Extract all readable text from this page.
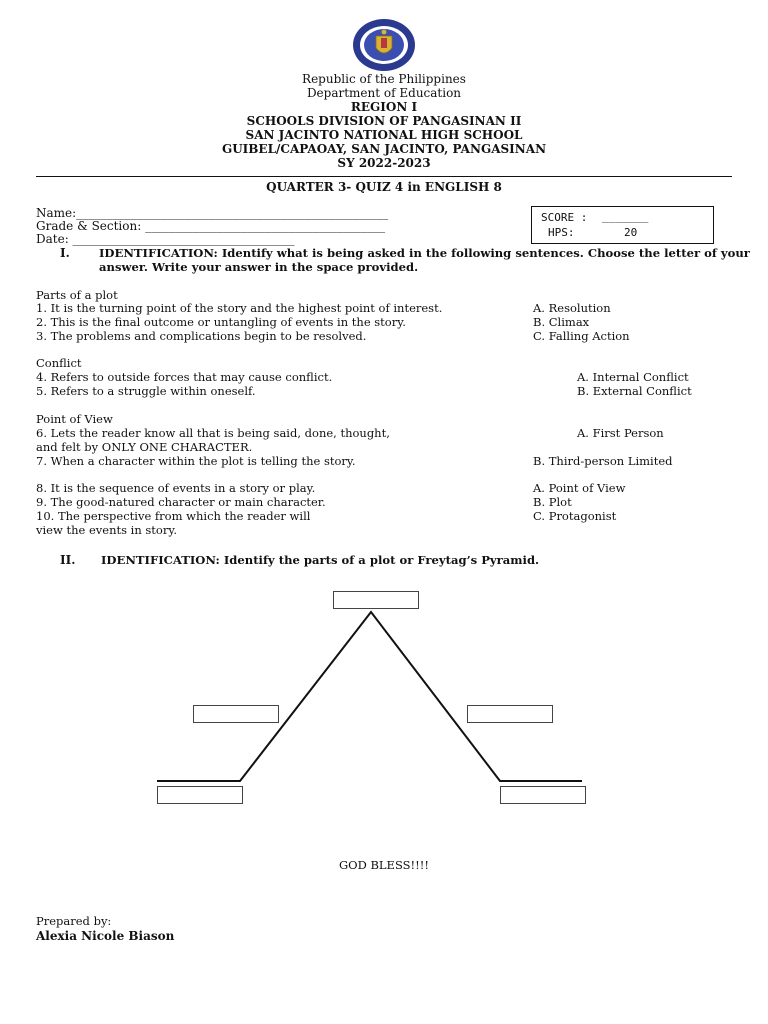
Republic of the Philippines
Department of Education
REGION I
SCHOOLS DIVISION OF PANGASINAN II
SAN JACINTO NATIONAL HIGH SCHOOL
GUIBEL/CAPAOAY, SAN JACINTO, PANGASINAN
SY 2022-2023
QUARTER 3- QUIZ 4 in ENGLISH 8
Name:____________________________________________________
Grade & Section: ________________________________________
Date: _____________________________________
SCORE : _______
HPS:	20
I.	IDENTIFICATION: Identify what is being asked in the following sentences. Choose the letter of your
answer. Write your answer in the space provided.
Parts of a plot
1. It is the turning point of the story and the highest point of interest.
2. This is the final outcome or untangling of events in the story.
3. The problems and complications begin to be resolved.
A. Resolution
B. Climax
C. Falling Action
Conflict
4. Refers to outside forces that may cause conflict.
5. Refers to a struggle within oneself.
A. Internal Conflict
B. External Conflict
Point of View
6. Lets the reader know all that is being said, done, thought,
and felt by ONLY ONE CHARACTER.
7. When a character within the plot is telling the story.
A. First Person
B. Third-person Limited
8. It is the sequence of events in a story or play.
9. The good-natured character or main character.
10. The perspective from which the reader will
view the events in story.
A. Point of View
B. Plot
C. Protagonist
II. IDENTIFICATION: Identify the parts of a plot or Freytag’s Pyramid.
GOD BLESS!!!!
Prepared by:
Alexia Nicole Biason
